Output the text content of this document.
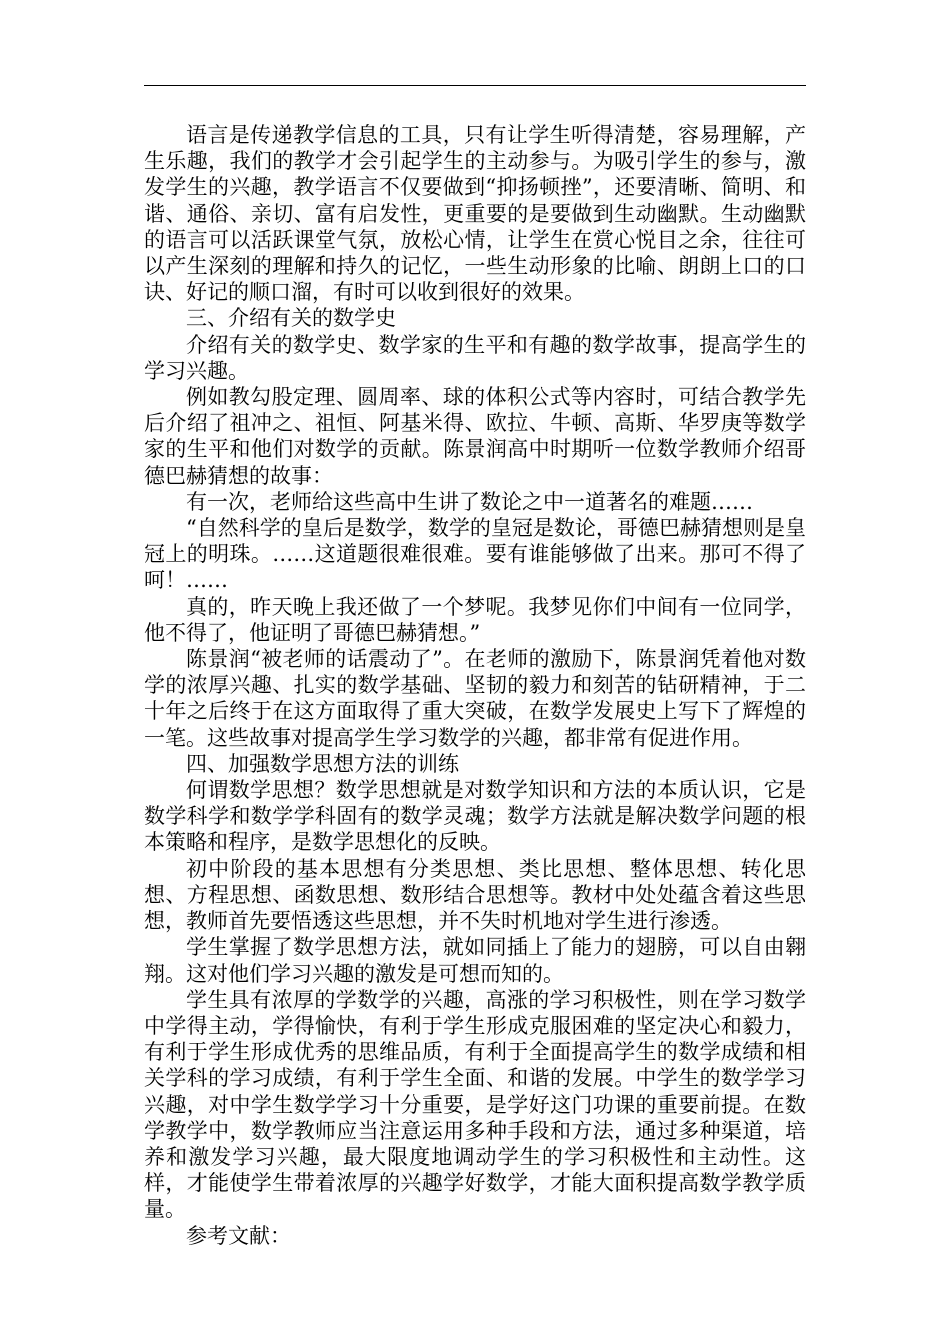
语言是传递教学信息的工具，只有让学生听得清楚，容易理解，产生乐趣，我们的教学才会引起学生的主动参与。为吸引学生的参与，激发学生的兴趣，教学语言不仅要做到“抑扬顿挫”，还要清晰、简明、和谐、通俗、亲切、富有启发性，更重要的是要做到生动幽默。生动幽默的语言可以活跃课堂气氛，放松心情，让学生在赏心悦目之余，往往可以产生深刻的理解和持久的记忆，一些生动形象的比喻、朗朗上口的口诀、好记的顺口溜，有时可以收到很好的效果。

三、介绍有关的数学史

介绍有关的数学史、数学家的生平和有趣的数学故事，提高学生的学习兴趣。

例如教勾股定理、圆周率、球的体积公式等内容时，可结合教学先后介绍了祖冲之、祖恒、阿基米得、欧拉、牛顿、高斯、华罗庚等数学家的生平和他们对数学的贡献。陈景润高中时期听一位数学教师介绍哥德巴赫猜想的故事：

有一次，老师给这些高中生讲了数论之中一道著名的难题……

“自然科学的皇后是数学，数学的皇冠是数论，哥德巴赫猜想则是皇冠上的明珠。……这道题很难很难。要有谁能够做了出来。那可不得了呵！……

真的，昨天晚上我还做了一个梦呢。我梦见你们中间有一位同学，他不得了，他证明了哥德巴赫猜想。”

陈景润“被老师的话震动了”。在老师的激励下，陈景润凭着他对数学的浓厚兴趣、扎实的数学基础、坚韧的毅力和刻苦的钻研精神，于二十年之后终于在这方面取得了重大突破，在数学发展史上写下了辉煌的一笔。这些故事对提高学生学习数学的兴趣，都非常有促进作用。

四、加强数学思想方法的训练

何谓数学思想？数学思想就是对数学知识和方法的本质认识，它是数学科学和数学学科固有的数学灵魂；数学方法就是解决数学问题的根本策略和程序，是数学思想化的反映。

初中阶段的基本思想有分类思想、类比思想、整体思想、转化思想、方程思想、函数思想、数形结合思想等。教材中处处蕴含着这些思想，教师首先要悟透这些思想，并不失时机地对学生进行渗透。

学生掌握了数学思想方法，就如同插上了能力的翅膀，可以自由翱翔。这对他们学习兴趣的激发是可想而知的。

学生具有浓厚的学数学的兴趣，高涨的学习积极性，则在学习数学中学得主动，学得愉快，有利于学生形成克服困难的坚定决心和毅力，有利于学生形成优秀的思维品质，有利于全面提高学生的数学成绩和相关学科的学习成绩，有利于学生全面、和谐的发展。中学生的数学学习兴趣，对中学生数学学习十分重要，是学好这门功课的重要前提。在数学教学中，数学教师应当注意运用多种手段和方法，通过多种渠道，培养和激发学习兴趣，最大限度地调动学生的学习积极性和主动性。这样，才能使学生带着浓厚的兴趣学好数学，才能大面积提高数学教学质量。

参考文献：
